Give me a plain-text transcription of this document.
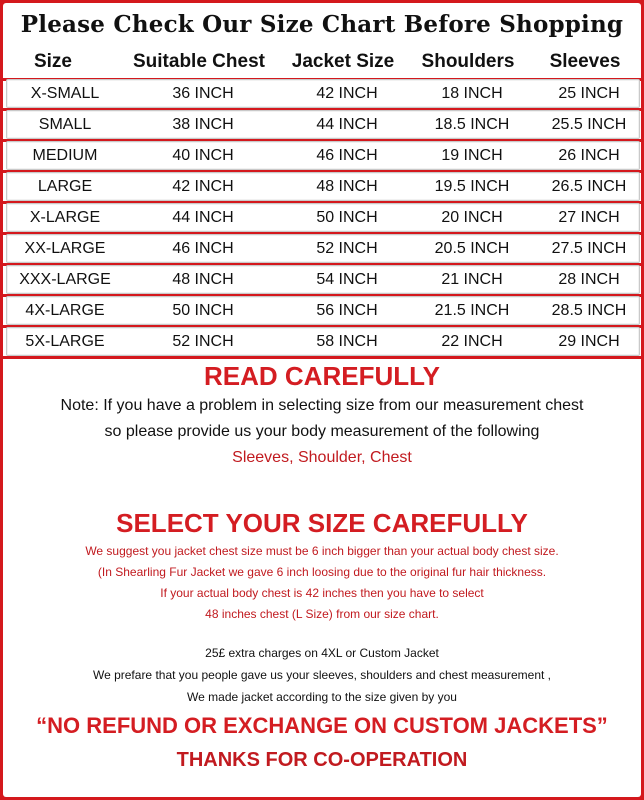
Please Check Our Size Chart Before Shopping
Size	Suitable Chest	Jacket Size	Shoulders	Sleeves
X-SMALL	36 INCH	42 INCH	18 INCH	25 INCH
SMALL	38 INCH	44 INCH	18.5 INCH	25.5 INCH
MEDIUM	40 INCH	46 INCH	19 INCH	26 INCH
LARGE	42 INCH	48 INCH	19.5 INCH	26.5 INCH
X-LARGE	44 INCH	50 INCH	20 INCH	27 INCH
XX-LARGE	46 INCH	52 INCH	20.5 INCH	27.5 INCH
XXX-LARGE	48 INCH	54 INCH	21 INCH	28 INCH
4X-LARGE	50 INCH	56 INCH	21.5 INCH	28.5 INCH
5X-LARGE	52 INCH	58 INCH	22 INCH	29 INCH
READ CAREFULLY
Note: If you have a problem in selecting size from our measurement chest
so please provide us your body measurement of the following
Sleeves, Shoulder, Chest
SELECT YOUR SIZE CAREFULLY
We suggest you jacket chest size must be 6 inch bigger than your actual body chest size.
(In Shearling Fur Jacket we gave 6 inch loosing due to the original fur hair thickness.
If your actual body chest is 42 inches then you have to select
48 inches chest (L Size) from our size chart.
25£ extra charges on 4XL or Custom Jacket
We prefare that you people gave us your sleeves, shoulders and chest measurement ,
We made jacket according to the size given by you
“NO REFUND OR EXCHANGE ON CUSTOM JACKETS”
THANKS FOR CO-OPERATION
